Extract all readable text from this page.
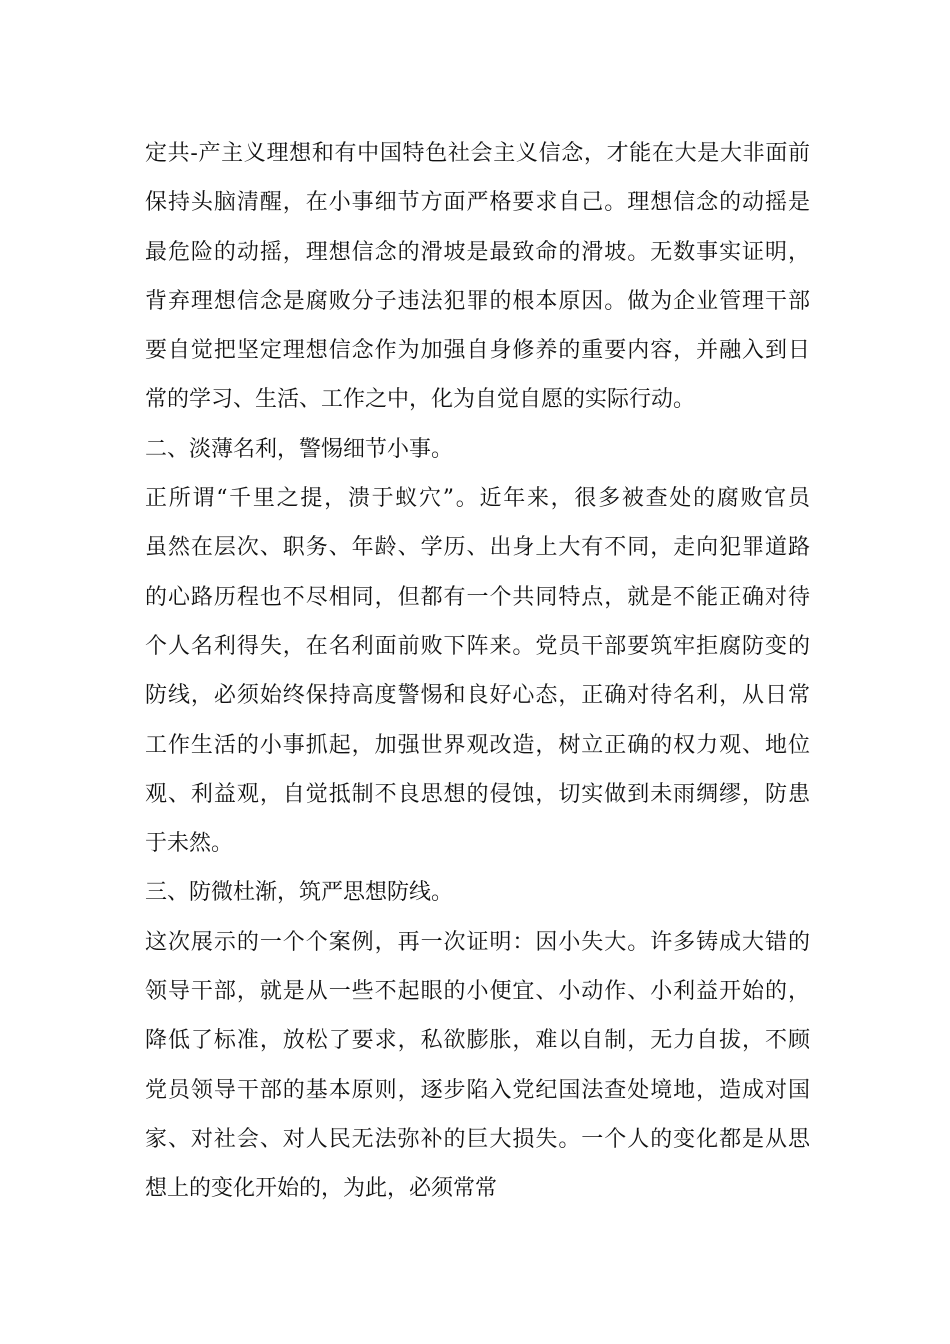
定共-产主义理想和有中国特色社会主义信念，才能在大是大非面前
保持头脑清醒，在小事细节方面严格要求自己。理想信念的动摇是
最危险的动摇，理想信念的滑坡是最致命的滑坡。无数事实证明，
背弃理想信念是腐败分子违法犯罪的根本原因。做为企业管理干部
要自觉把坚定理想信念作为加强自身修养的重要内容，并融入到日
常的学习、生活、工作之中，化为自觉自愿的实际行动。
二、淡薄名利，警惕细节小事。
正所谓“千里之提，溃于蚁穴”。近年来，很多被查处的腐败官员
虽然在层次、职务、年龄、学历、出身上大有不同，走向犯罪道路
的心路历程也不尽相同，但都有一个共同特点，就是不能正确对待
个人名利得失，在名利面前败下阵来。党员干部要筑牢拒腐防变的
防线，必须始终保持高度警惕和良好心态，正确对待名利，从日常
工作生活的小事抓起，加强世界观改造，树立正确的权力观、地位
观、利益观，自觉抵制不良思想的侵蚀，切实做到未雨绸缪，防患
于未然。
三、防微杜渐，筑严思想防线。
这次展示的一个个案例，再一次证明：因小失大。许多铸成大错的
领导干部，就是从一些不起眼的小便宜、小动作、小利益开始的，
降低了标准，放松了要求，私欲膨胀，难以自制，无力自拔，不顾
党员领导干部的基本原则，逐步陷入党纪国法查处境地，造成对国
家、对社会、对人民无法弥补的巨大损失。一个人的变化都是从思
想上的变化开始的，为此，必须常常
